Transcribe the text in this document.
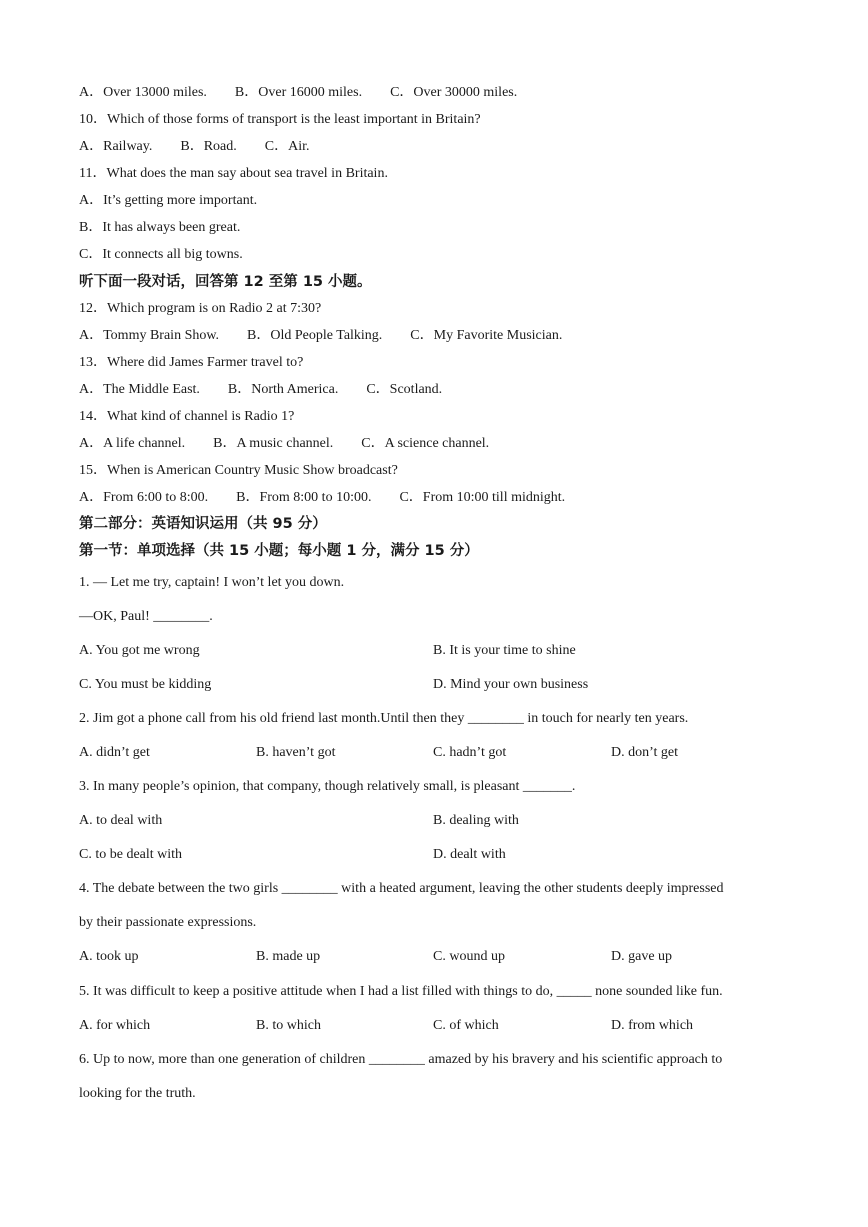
A．Over 13000 miles.　　B．Over 16000 miles.　　C．Over 30000 miles.
10．Which of those forms of transport is the least important in Britain?
A．Railway.　　B．Road.　　C．Air.
11．What does the man say about sea travel in Britain.
A．It’s getting more important.
B．It has always been great.
C．It connects all big towns.
听下面一段对话，回答第 12 至第 15 小题。
12．Which program is on Radio 2 at 7:30?
A．Tommy Brain Show.　　B．Old People Talking.　　C．My Favorite Musician.
13．Where did James Farmer travel to?
A．The Middle East.　　B．North America.　　C．Scotland.
14．What kind of channel is Radio 1?
A．A life channel.　　B．A music channel.　　C．A science channel.
15．When is American Country Music Show broadcast?
A．From 6:00 to 8:00.　　B．From 8:00 to 10:00.　　C．From 10:00 till midnight.
第二部分：英语知识运用（共 95 分）
第一节：单项选择（共 15 小题；每小题 1 分，满分 15 分）
1. — Let me try, captain! I won’t let you down.
—OK, Paul! ________.
A. You got me wrong	B. It is your time to shine
C. You must be kidding	D. Mind your own business
2. Jim got a phone call from his old friend last month.Until then they ________ in touch for nearly ten years.
A. didn’t get	B. haven’t got	C. hadn’t got	D. don’t get
3. In many people’s opinion, that company, though relatively small, is pleasant _______.
A. to deal with	B. dealing with
C. to be dealt with	D. dealt with
4. The debate between the two girls ________ with a heated argument, leaving the other students deeply impressed
by their passionate expressions.
A. took up	B. made up	C. wound up	D. gave up
5. It was difficult to keep a positive attitude when I had a list filled with things to do, _____ none sounded like fun.
A. for which	B. to which	C. of which	D. from which
6. Up to now, more than one generation of children ________ amazed by his bravery and his scientific approach to
looking for the truth.
